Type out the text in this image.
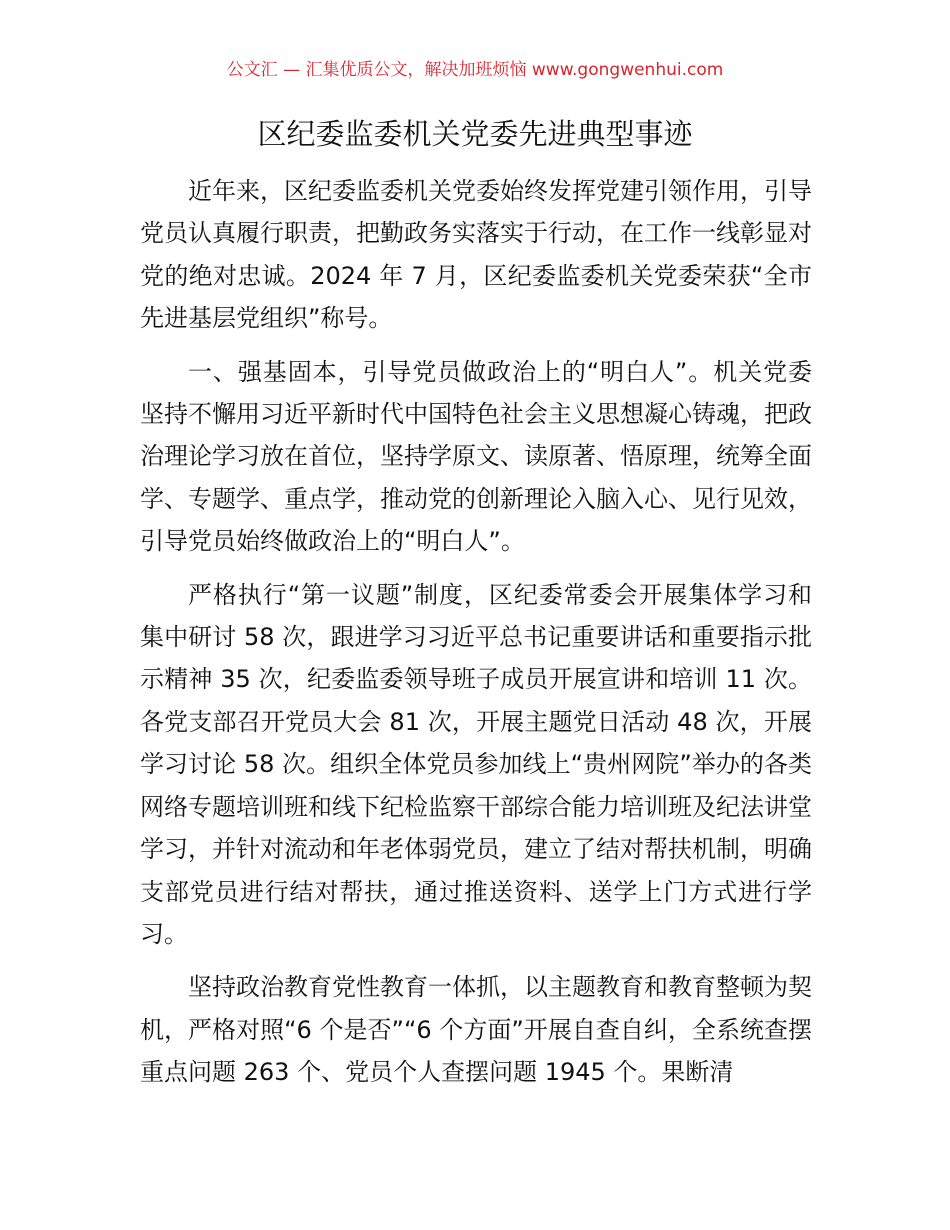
公文汇 — 汇集优质公文，解决加班烦恼 www.gongwenhui.com
区纪委监委机关党委先进典型事迹

近年来，区纪委监委机关党委始终发挥党建引领作用，引导党员认真履行职责，把勤政务实落实于行动，在工作一线彰显对党的绝对忠诚。2024 年 7 月，区纪委监委机关党委荣获“全市先进基层党组织”称号。

一、强基固本，引导党员做政治上的“明白人”。机关党委坚持不懈用习近平新时代中国特色社会主义思想凝心铸魂，把政治理论学习放在首位，坚持学原文、读原著、悟原理，统筹全面学、专题学、重点学，推动党的创新理论入脑入心、见行见效，引导党员始终做政治上的“明白人”。

严格执行“第一议题”制度，区纪委常委会开展集体学习和集中研讨 58 次，跟进学习习近平总书记重要讲话和重要指示批示精神 35 次，纪委监委领导班子成员开展宣讲和培训 11 次。各党支部召开党员大会 81 次，开展主题党日活动 48 次，开展学习讨论 58 次。组织全体党员参加线上“贵州网院”举办的各类网络专题培训班和线下纪检监察干部综合能力培训班及纪法讲堂学习，并针对流动和年老体弱党员，建立了结对帮扶机制，明确支部党员进行结对帮扶，通过推送资料、送学上门方式进行学习。

坚持政治教育党性教育一体抓，以主题教育和教育整顿为契机，严格对照“6 个是否”“6 个方面”开展自查自纠，全系统查摆重点问题 263 个、党员个人查摆问题 1945 个。果断清
